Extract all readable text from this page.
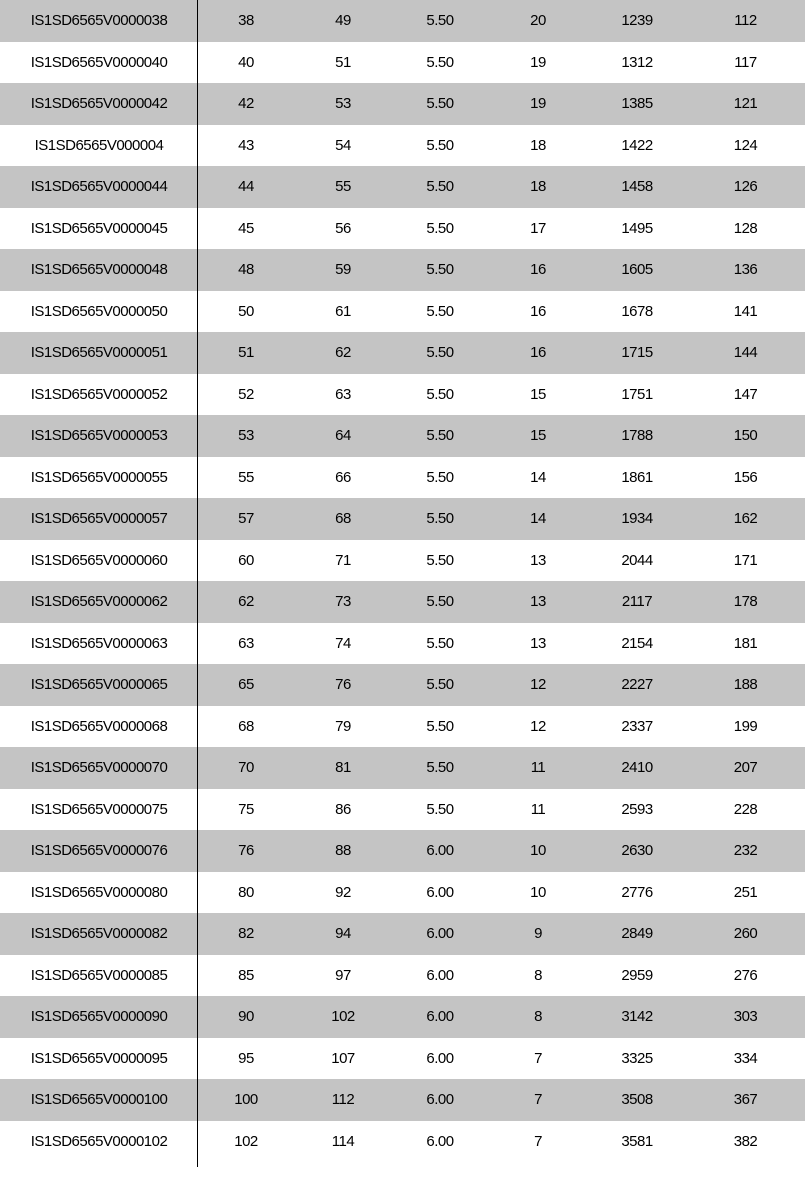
IS1SD6565V0000038	38	49	5.50	20	1239	112
IS1SD6565V0000040	40	51	5.50	19	1312	117
IS1SD6565V0000042	42	53	5.50	19	1385	121
IS1SD6565V000004	43	54	5.50	18	1422	124
IS1SD6565V0000044	44	55	5.50	18	1458	126
IS1SD6565V0000045	45	56	5.50	17	1495	128
IS1SD6565V0000048	48	59	5.50	16	1605	136
IS1SD6565V0000050	50	61	5.50	16	1678	141
IS1SD6565V0000051	51	62	5.50	16	1715	144
IS1SD6565V0000052	52	63	5.50	15	1751	147
IS1SD6565V0000053	53	64	5.50	15	1788	150
IS1SD6565V0000055	55	66	5.50	14	1861	156
IS1SD6565V0000057	57	68	5.50	14	1934	162
IS1SD6565V0000060	60	71	5.50	13	2044	171
IS1SD6565V0000062	62	73	5.50	13	2117	178
IS1SD6565V0000063	63	74	5.50	13	2154	181
IS1SD6565V0000065	65	76	5.50	12	2227	188
IS1SD6565V0000068	68	79	5.50	12	2337	199
IS1SD6565V0000070	70	81	5.50	11	2410	207
IS1SD6565V0000075	75	86	5.50	11	2593	228
IS1SD6565V0000076	76	88	6.00	10	2630	232
IS1SD6565V0000080	80	92	6.00	10	2776	251
IS1SD6565V0000082	82	94	6.00	9	2849	260
IS1SD6565V0000085	85	97	6.00	8	2959	276
IS1SD6565V0000090	90	102	6.00	8	3142	303
IS1SD6565V0000095	95	107	6.00	7	3325	334
IS1SD6565V0000100	100	112	6.00	7	3508	367
IS1SD6565V0000102	102	114	6.00	7	3581	382
